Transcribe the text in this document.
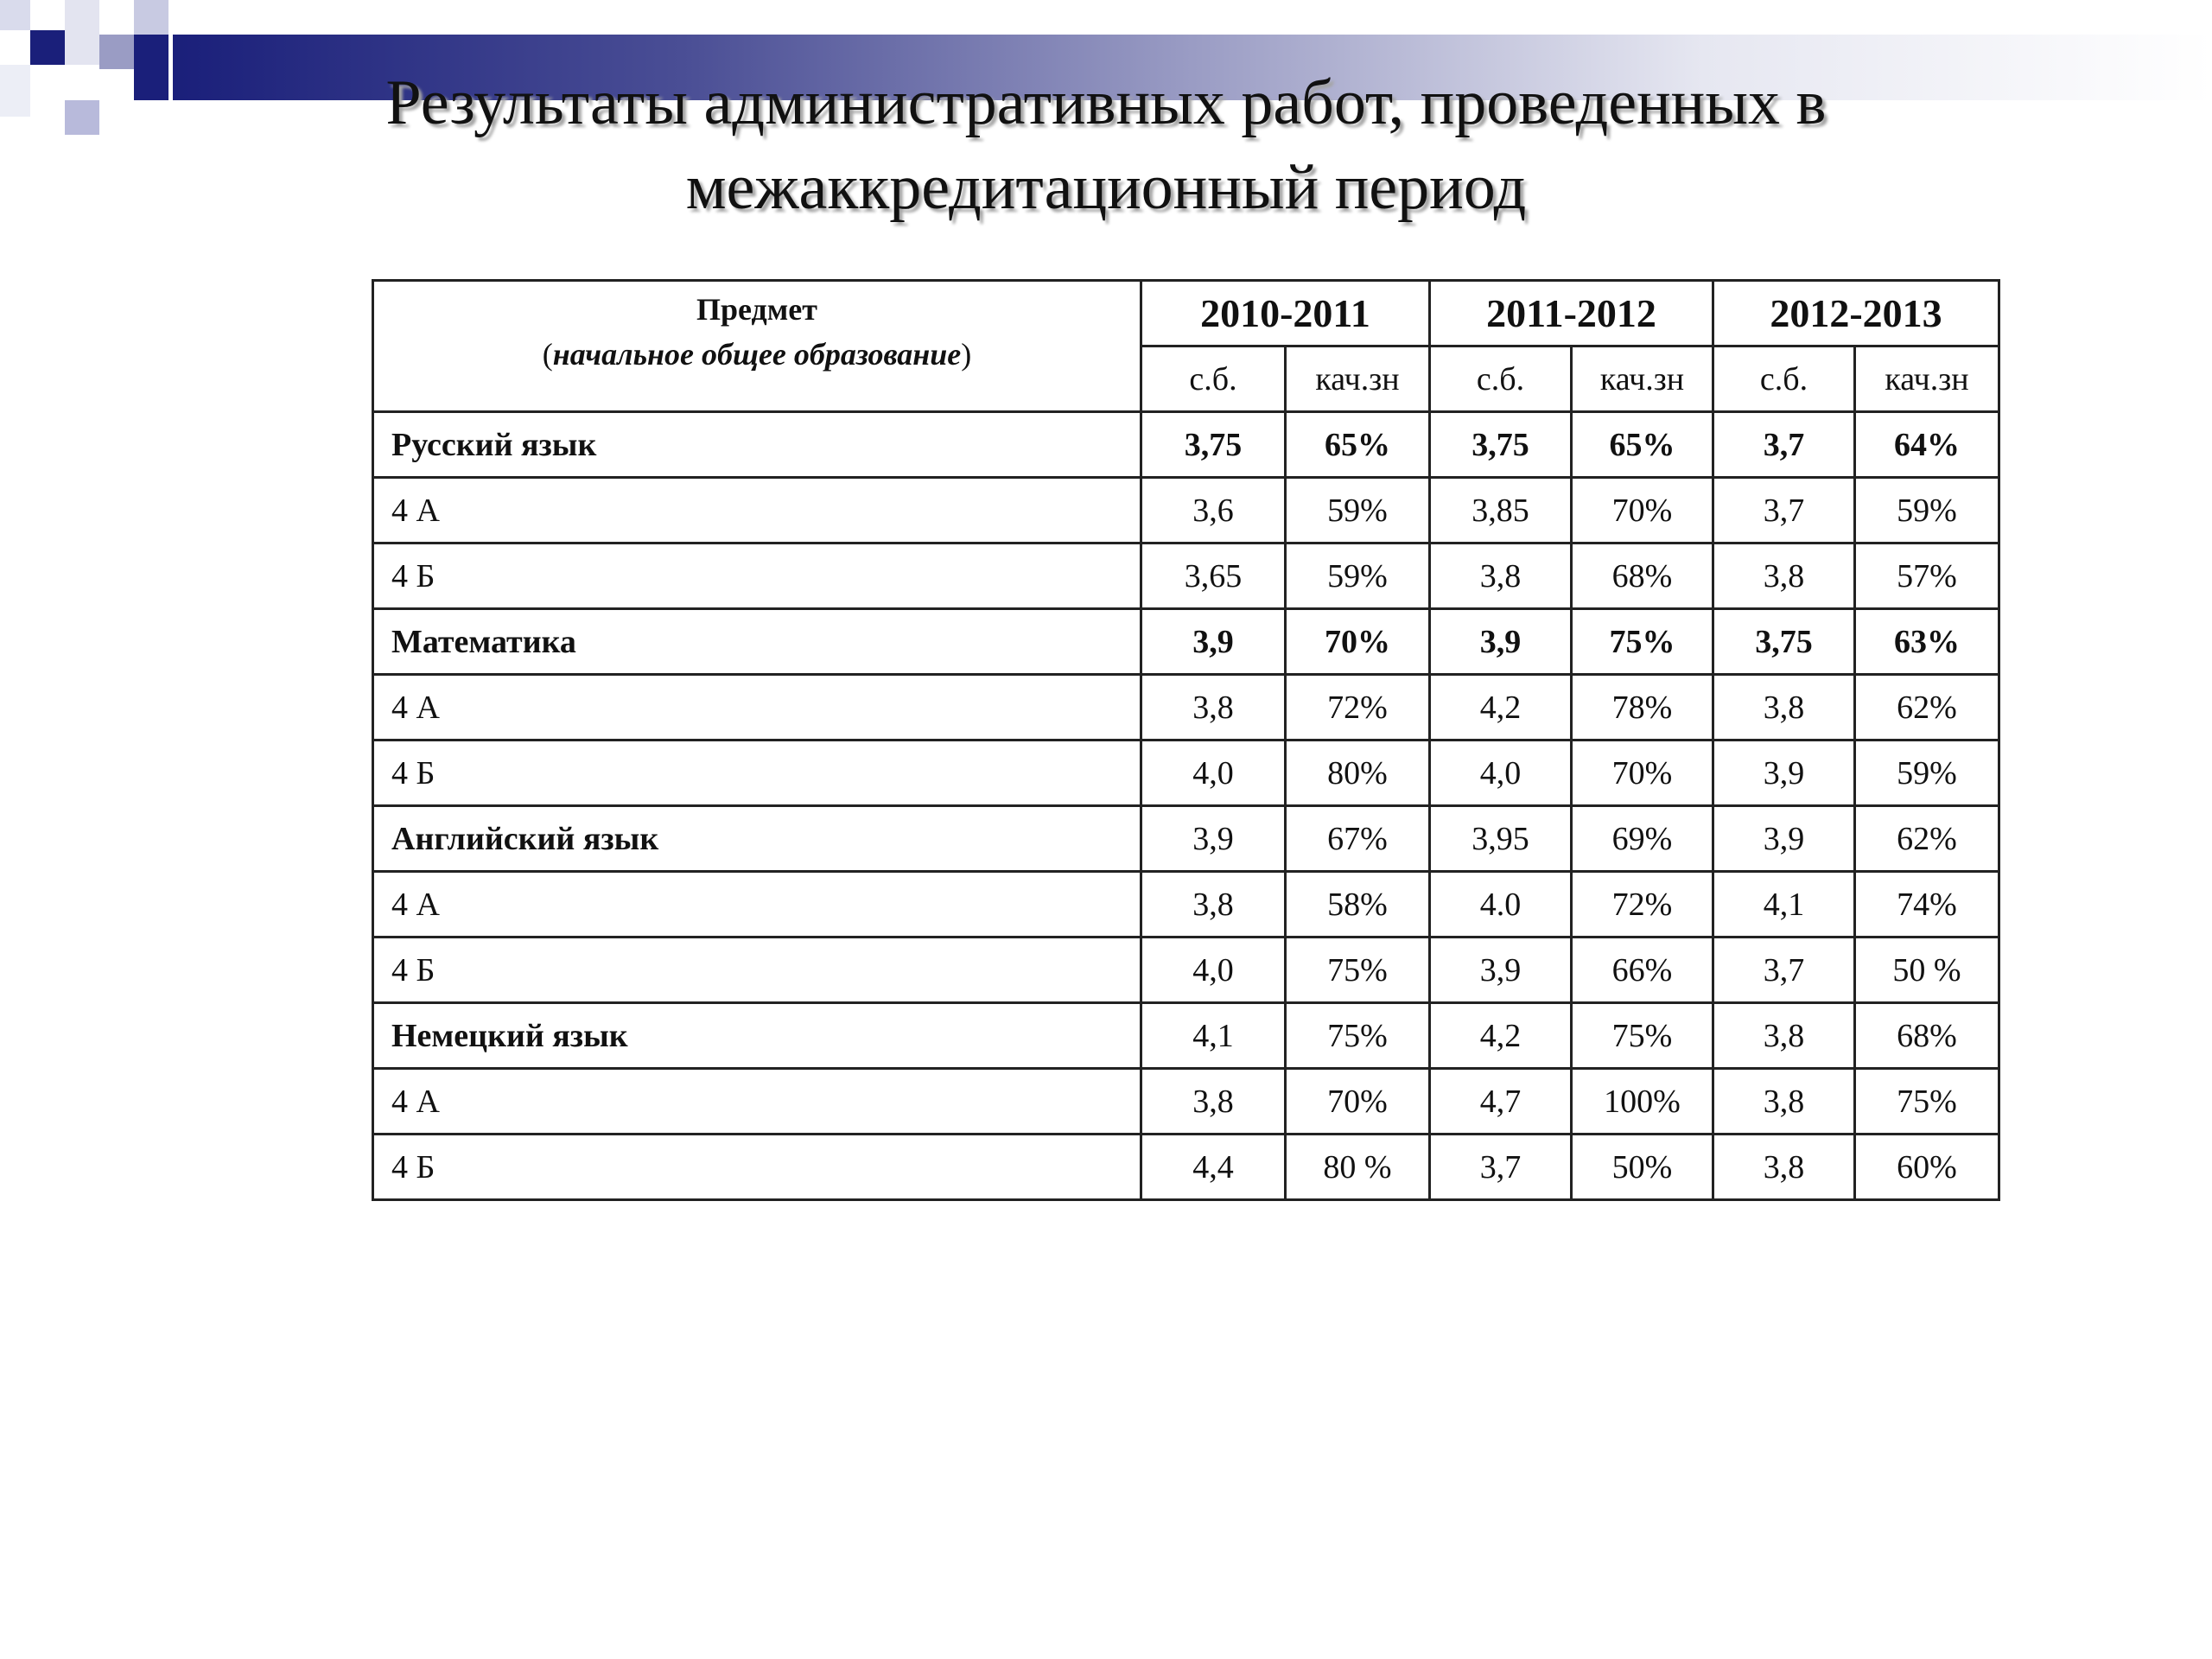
Результаты административных работ, проведенных в межаккредитационный период
Предмет
(начальное общее образование)	2010-2011		2011-2012		2012-2013	
	с.б.	кач.зн	с.б.	кач.зн	с.б.	кач.зн
Русский язык	3,75	65%	3,75	65%	3,7	64%
4 А	3,6	59%	3,85	70%	3,7	59%
4 Б	3,65	59%	3,8	68%	3,8	57%
Математика	3,9	70%	3,9	75%	3,75	63%
4 А	3,8	72%	4,2	78%	3,8	62%
4 Б	4,0	80%	4,0	70%	3,9	59%
Английский язык	3,9	67%	3,95	69%	3,9	62%
4 А	3,8	58%	4.0	72%	4,1	74%
4 Б	4,0	75%	3,9	66%	3,7	50 %
Немецкий язык	4,1	75%	4,2	75%	3,8	68%
4 А	3,8	70%	4,7	100%	3,8	75%
4 Б	4,4	80 %	3,7	50%	3,8	60%
